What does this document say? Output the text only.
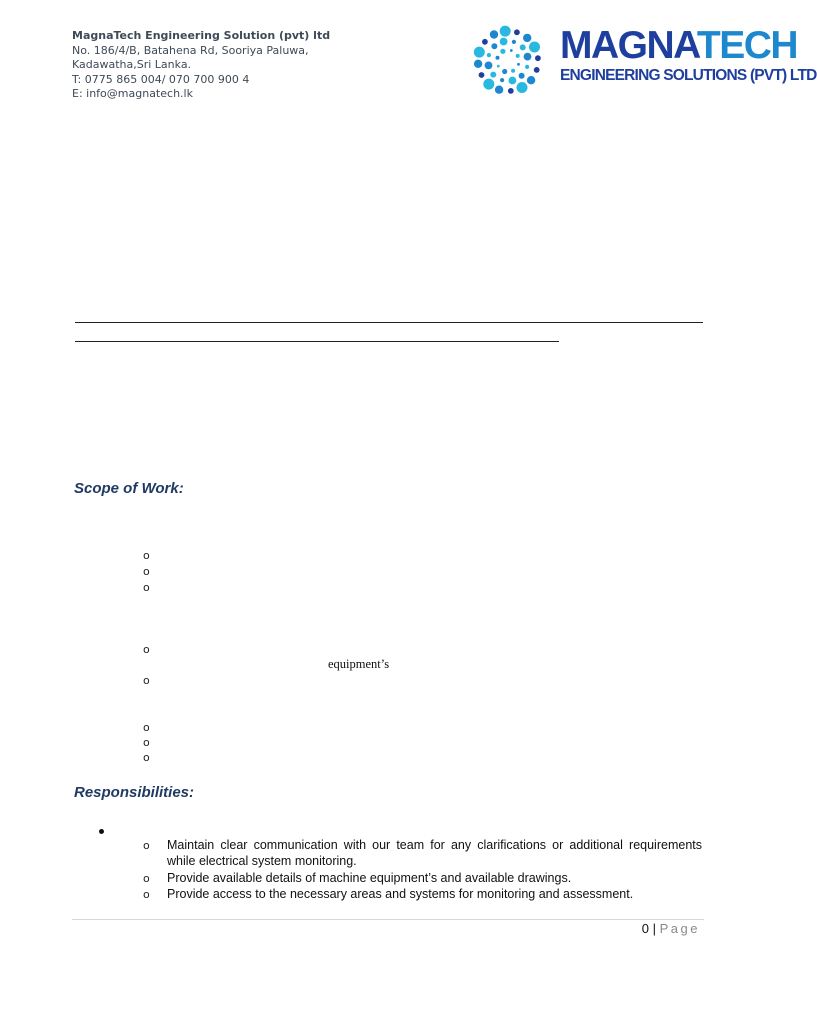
MagnaTech Engineering Solution (pvt) ltd
No. 186/4/B, Batahena Rd, Sooriya Paluwa,
Kadawatha,Sri Lanka.
T: 0775 865 004/ 070 700 900 4
E: info@magnatech.lk
MAGNATECH
ENGINEERING SOLUTIONS (PVT) LTD
Scope of Work:
o
o
o
o
equipment’s
o
o
o
o
Responsibilities:
o Maintain clear communication with our team for any clarifications or additional requirements while electrical system monitoring.
o Provide available details of machine equipment’s and available drawings.
o Provide access to the necessary areas and systems for monitoring and assessment.
0 | Page
